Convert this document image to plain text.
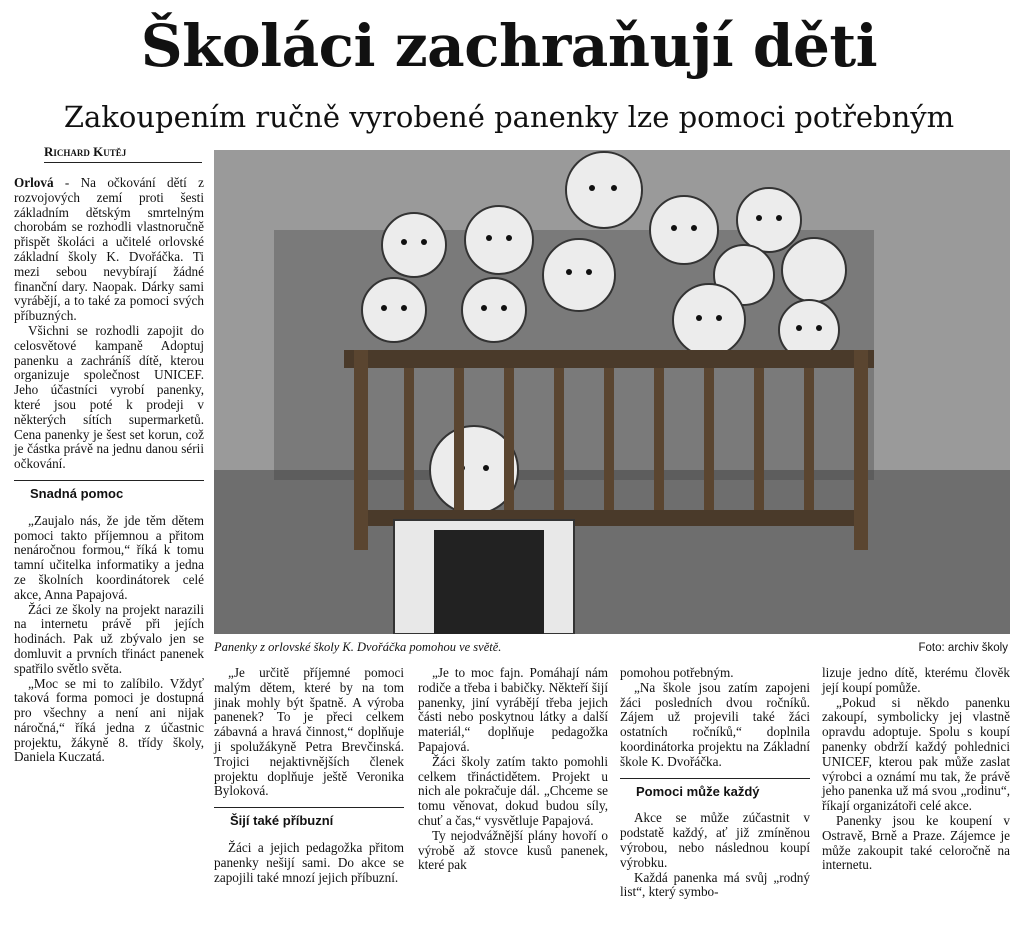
Školáci zachraňují děti
Zakoupením ručně vyrobené panenky lze pomoci potřebným
Richard Kutěj

Orlová - Na očkování dětí z rozvojových zemí proti šesti základním dětským smrtelným chorobám se rozhodli vlastnoručně přispět školáci a učitelé orlovské základní školy K. Dvořáčka. Ti mezi sebou nevybírají žádné finanční dary. Naopak. Dárky sami vyrábějí, a to také za pomoci svých příbuzných.

Všichni se rozhodli zapojit do celosvětové kampaně Adoptuj panenku a zachráníš dítě, kterou organizuje společnost UNICEF. Jeho účastníci vyrobí panenky, které jsou poté k prodeji v některých sítích supermarketů. Cena panenky je šest set korun, což je částka právě na jednu danou sérii očkování.

Snadná pomoc

„Zaujalo nás, že jde těm dětem pomoci takto příjemnou a přitom nenáročnou formou,“ říká k tomu tamní učitelka informatiky a jedna ze školních koordinátorek celé akce, Anna Papajová.

Žáci ze školy na projekt narazili na internetu právě při jejích hodinách. Pak už zbývalo jen se domluvit a prvních třináct panenek spatřilo světlo světa.

„Moc se mi to zalíbilo. Vždyť taková forma pomoci je dostupná pro všechny a není ani nijak náročná,“ říká jedna z účastnic projektu, žákyně 8. třídy školy, Daniela Kuczatá.

Panenky z orlovské školy K. Dvořáčka pomohou ve světě.	Foto: archiv školy

„Je určitě příjemné pomoci malým dětem, které by na tom jinak mohly být špatně. A výroba panenek? To je přeci celkem zábavná a hravá činnost,“ doplňuje ji spolužákyně Petra Brevčinská. Trojici nejaktivnějších členek projektu doplňuje ještě Veronika Byloková.

Šijí také příbuzní

Žáci a jejich pedagožka přitom panenky nešijí sami. Do akce se zapojili také mnozí jejich příbuzní.

„Je to moc fajn. Pomáhají nám rodiče a třeba i babičky. Někteří šijí panenky, jiní vyrábějí třeba jejich části nebo poskytnou látky a další materiál,“ doplňuje pedagožka Papajová.

Žáci školy zatím takto pomohli celkem třináctidětem. Projekt u nich ale pokračuje dál. „Chceme se tomu věnovat, dokud budou síly, chuť a čas,“ vysvětluje Papajová.

Ty nejodvážnější plány hovoří o výrobě až stovce kusů panenek, které pak

pomohou potřebným.

„Na škole jsou zatím zapojeni žáci posledních dvou ročníků. Zájem už projevili také žáci ostatních ročníků,“ doplnila koordinátorka projektu na Základní škole K. Dvořáčka.

Pomoci může každý

Akce se může zúčastnit v podstatě každý, ať již zmíněnou výrobou, nebo následnou koupí výrobku.

Každá panenka má svůj „rodný list“, který symbo-

lizuje jedno dítě, kterému člověk její koupí pomůže.

„Pokud si někdo panenku zakoupí, symbolicky jej vlastně opravdu adoptuje. Spolu s koupí panenky obdrží každý pohlednici UNICEF, kterou pak může zaslat výrobci a oznámí mu tak, že právě jeho panenka už má svou „rodinu“, říkají organizátoři celé akce.

Panenky jsou ke koupení v Ostravě, Brně a Praze. Zájemce je může zakoupit také celoročně na internetu.
